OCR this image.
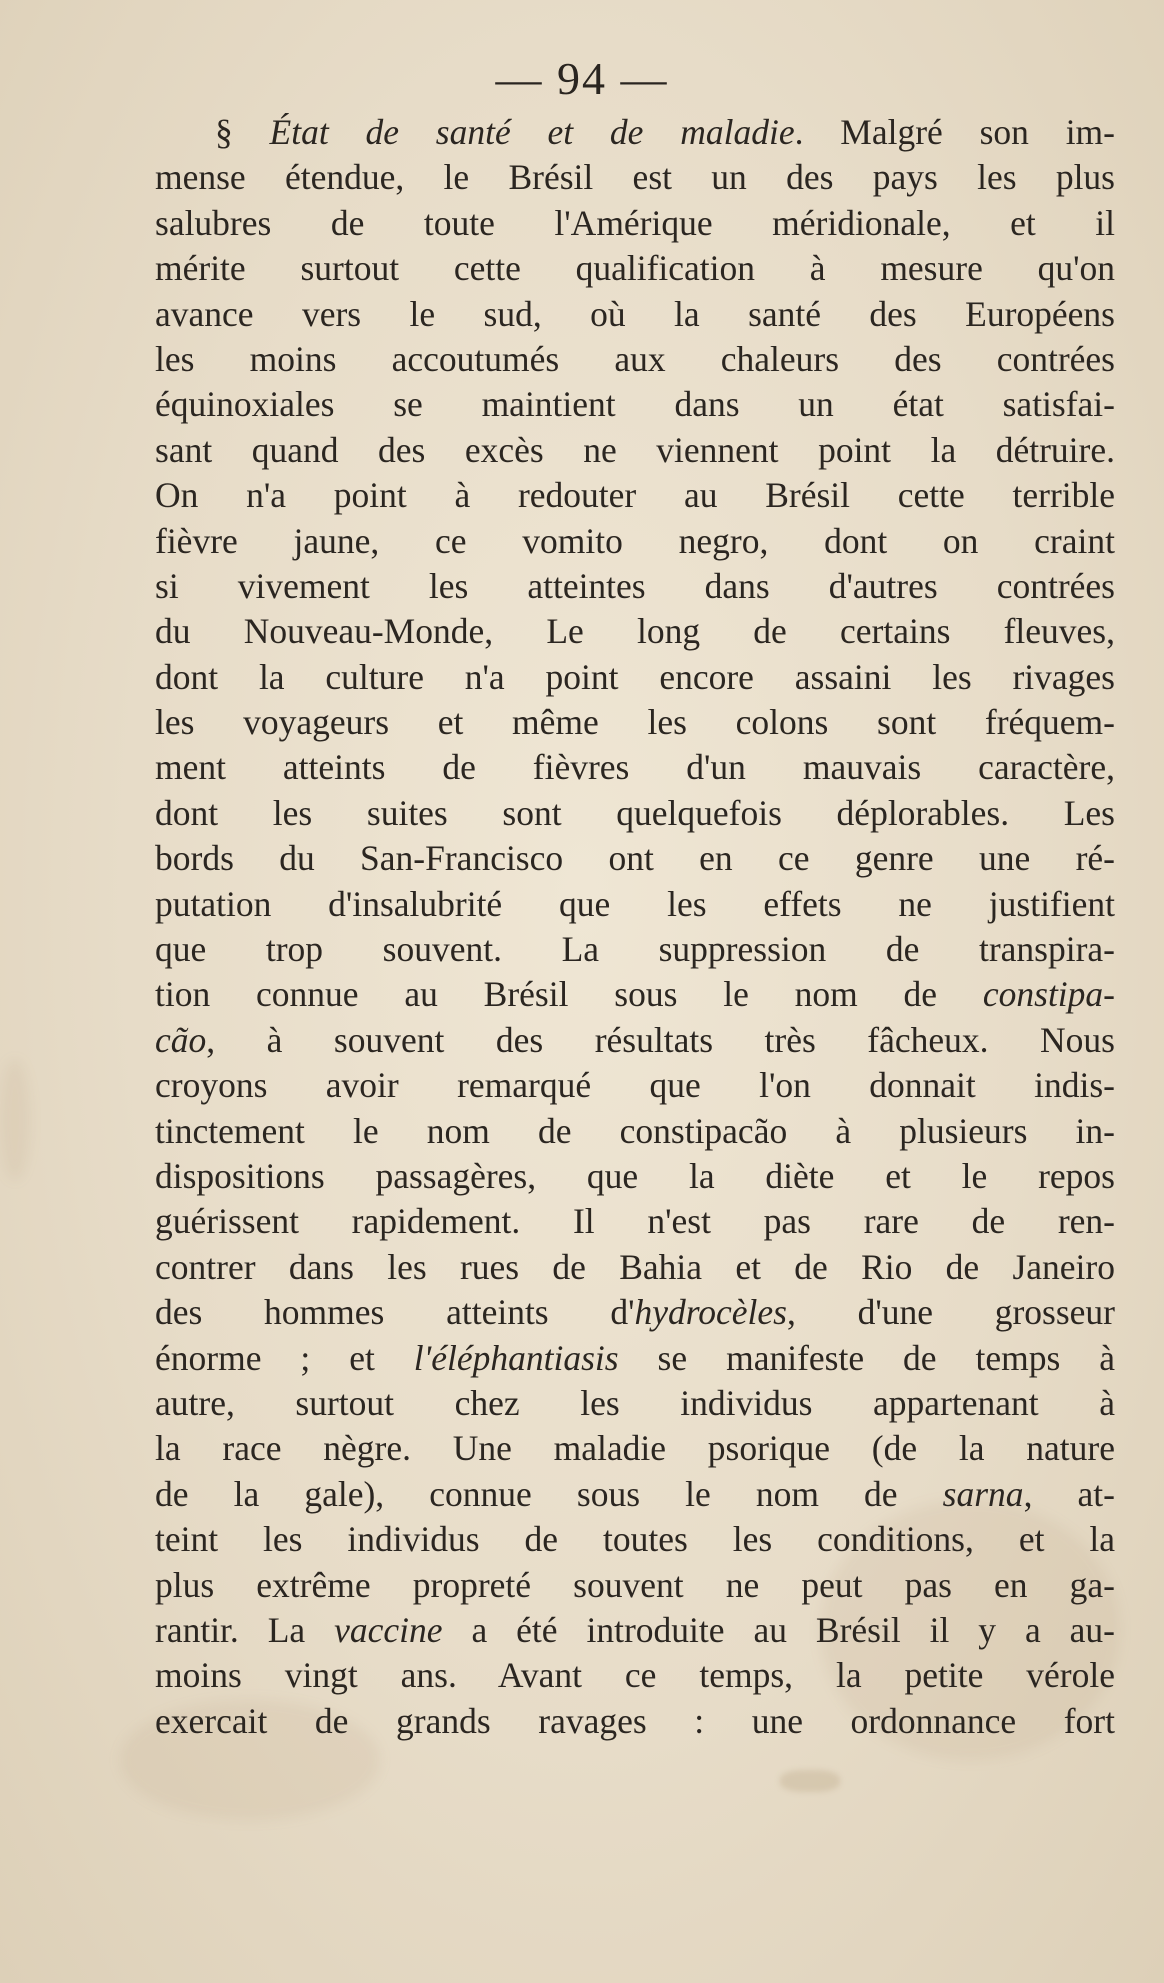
— 94 —
§ État de santé et de maladie. Malgré son im-
mense étendue, le Brésil est un des pays les plus
salubres de toute l'Amérique méridionale, et il
mérite surtout cette qualification à mesure qu'on
avance vers le sud, où la santé des Européens
les moins accoutumés aux chaleurs des contrées
équinoxiales se maintient dans un état satisfai-
sant quand des excès ne viennent point la détruire.
On n'a point à redouter au Brésil cette terrible
fièvre jaune, ce vomito negro, dont on craint
si vivement les atteintes dans d'autres contrées
du Nouveau-Monde, Le long de certains fleuves,
dont la culture n'a point encore assaini les rivages
les voyageurs et même les colons sont fréquem-
ment atteints de fièvres d'un mauvais caractère,
dont les suites sont quelquefois déplorables. Les
bords du San-Francisco ont en ce genre une ré-
putation d'insalubrité que les effets ne justifient
que trop souvent. La suppression de transpira-
tion connue au Brésil sous le nom de constipa-
cão, à souvent des résultats très fâcheux. Nous
croyons avoir remarqué que l'on donnait indis-
tinctement le nom de constipacão à plusieurs in-
dispositions passagères, que la diète et le repos
guérissent rapidement. Il n'est pas rare de ren-
contrer dans les rues de Bahia et de Rio de Janeiro
des hommes atteints d'hydrocèles, d'une grosseur
énorme ; et l'éléphantiasis se manifeste de temps à
autre, surtout chez les individus appartenant à
la race nègre. Une maladie psorique (de la nature
de la gale), connue sous le nom de sarna, at-
teint les individus de toutes les conditions, et la
plus extrême propreté souvent ne peut pas en ga-
rantir. La vaccine a été introduite au Brésil il y a au-
moins vingt ans. Avant ce temps, la petite vérole
exercait de grands ravages : une ordonnance fort
